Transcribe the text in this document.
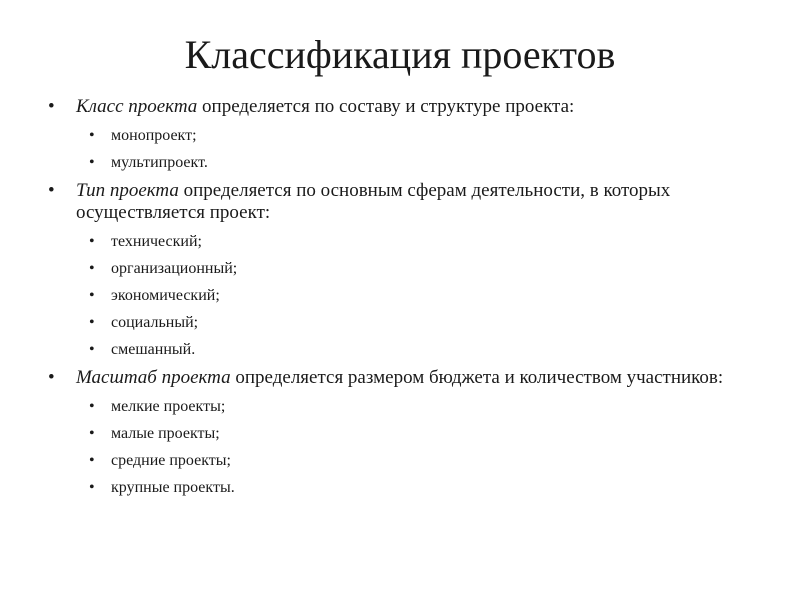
Классификация проектов
• Класс проекта определяется по составу и структуре проекта:
• монопроект;
• мультипроект.
• Тип проекта определяется по основным сферам деятельности, в которых осуществляется проект:
• технический;
• организационный;
• экономический;
• социальный;
• смешанный.
• Масштаб проекта определяется размером бюджета и количеством участников:
• мелкие проекты;
• малые проекты;
• средние проекты;
• крупные проекты.
